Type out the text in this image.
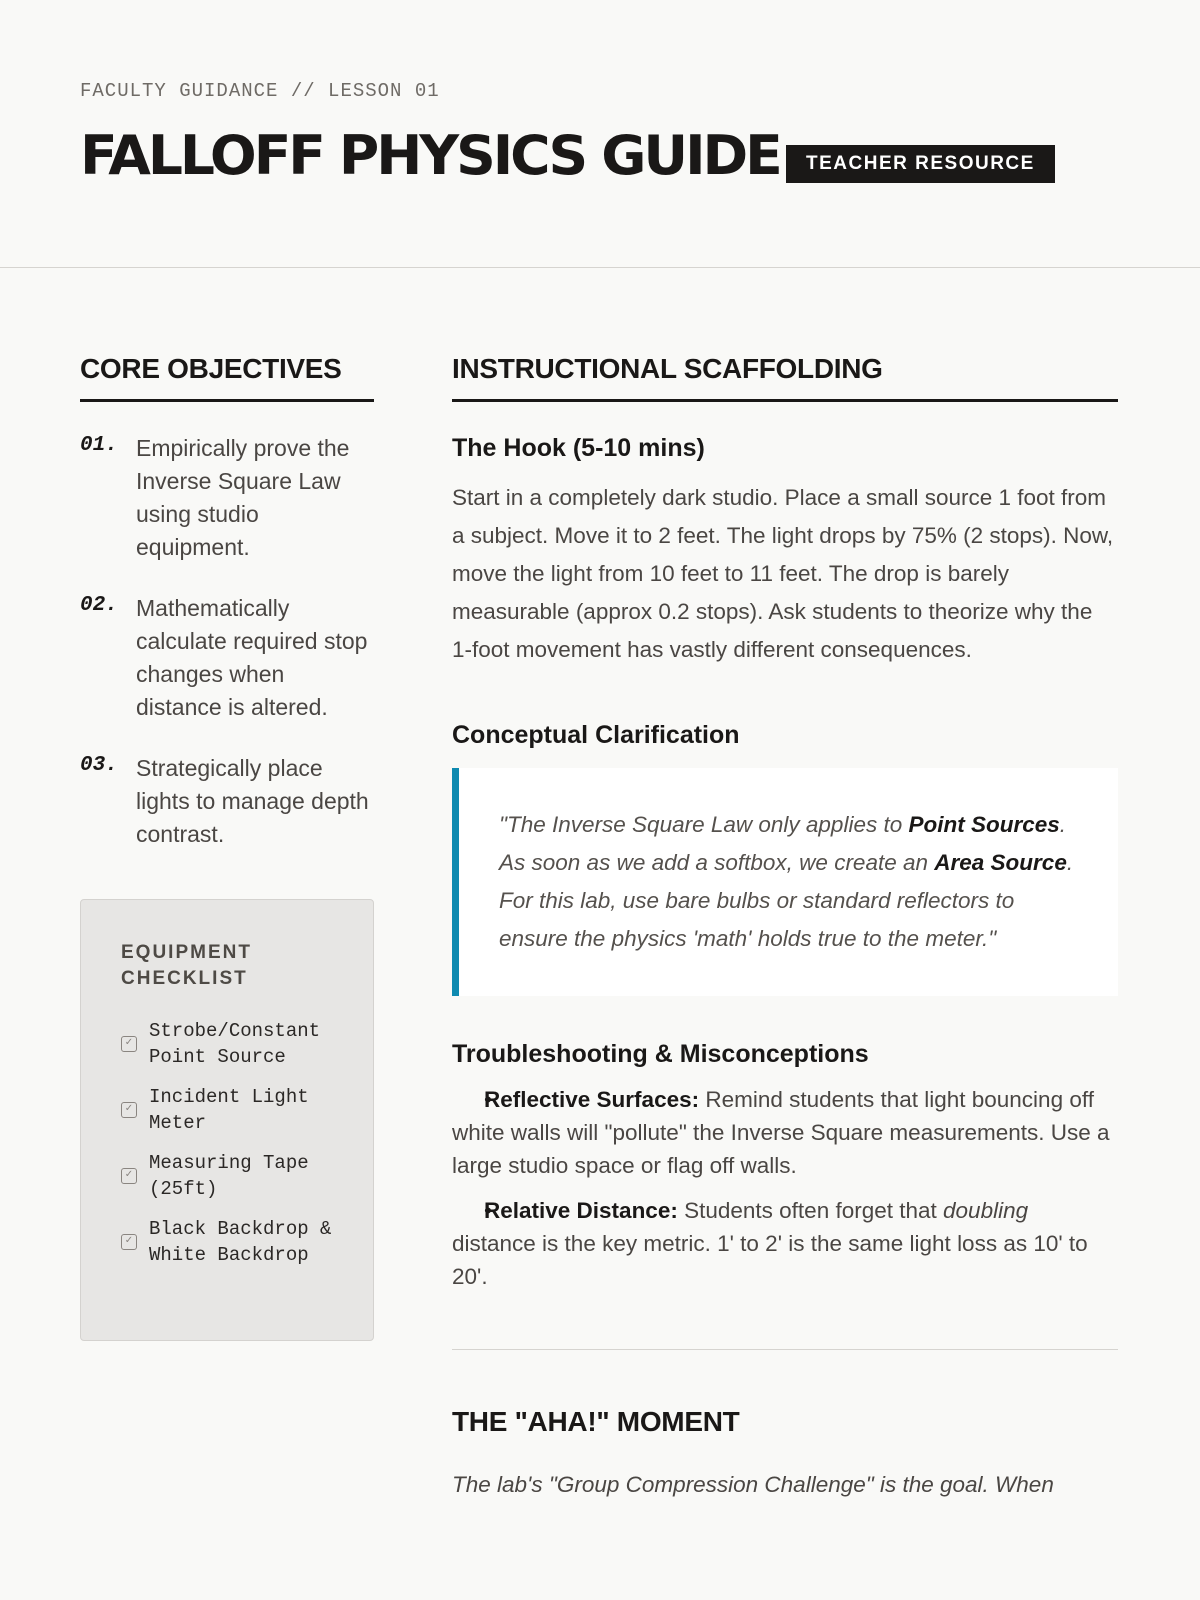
FACULTY GUIDANCE // LESSON 01
FALLOFF PHYSICS GUIDE	TEACHER RESOURCE
CORE OBJECTIVES
01. Empirically prove the Inverse Square Law using studio equipment.
02. Mathematically calculate required stop changes when distance is altered.
03. Strategically place lights to manage depth contrast.
EQUIPMENT CHECKLIST
✓
Strobe/Constant Point Source
✓
Incident Light Meter
✓
Measuring Tape (25ft)
✓
Black Backdrop & White Backdrop
INSTRUCTIONAL SCAFFOLDING
The Hook (5-10 mins)

Start in a completely dark studio. Place a small source 1 foot from a subject. Move it to 2 feet. The light drops by 75% (2 stops). Now, move the light from 10 feet to 11 feet. The drop is barely measurable (approx 0.2 stops). Ask students to theorize why the 1-foot movement has vastly different consequences.

Conceptual Clarification
"The Inverse Square Law only applies to Point Sources. As soon as we add a softbox, we create an Area Source. For this lab, use bare bulbs or standard reflectors to ensure the physics 'math' holds true to the meter."
Troubleshooting & Misconceptions
• Reflective Surfaces: Remind students that light bouncing off white walls will "pollute" the Inverse Square measurements. Use a large studio space or flag off walls.
• Relative Distance: Students often forget that doubling distance is the key metric. 1' to 2' is the same light loss as 10' to 20'.
THE "AHA!" MOMENT

The lab's "Group Compression Challenge" is the goal. When
